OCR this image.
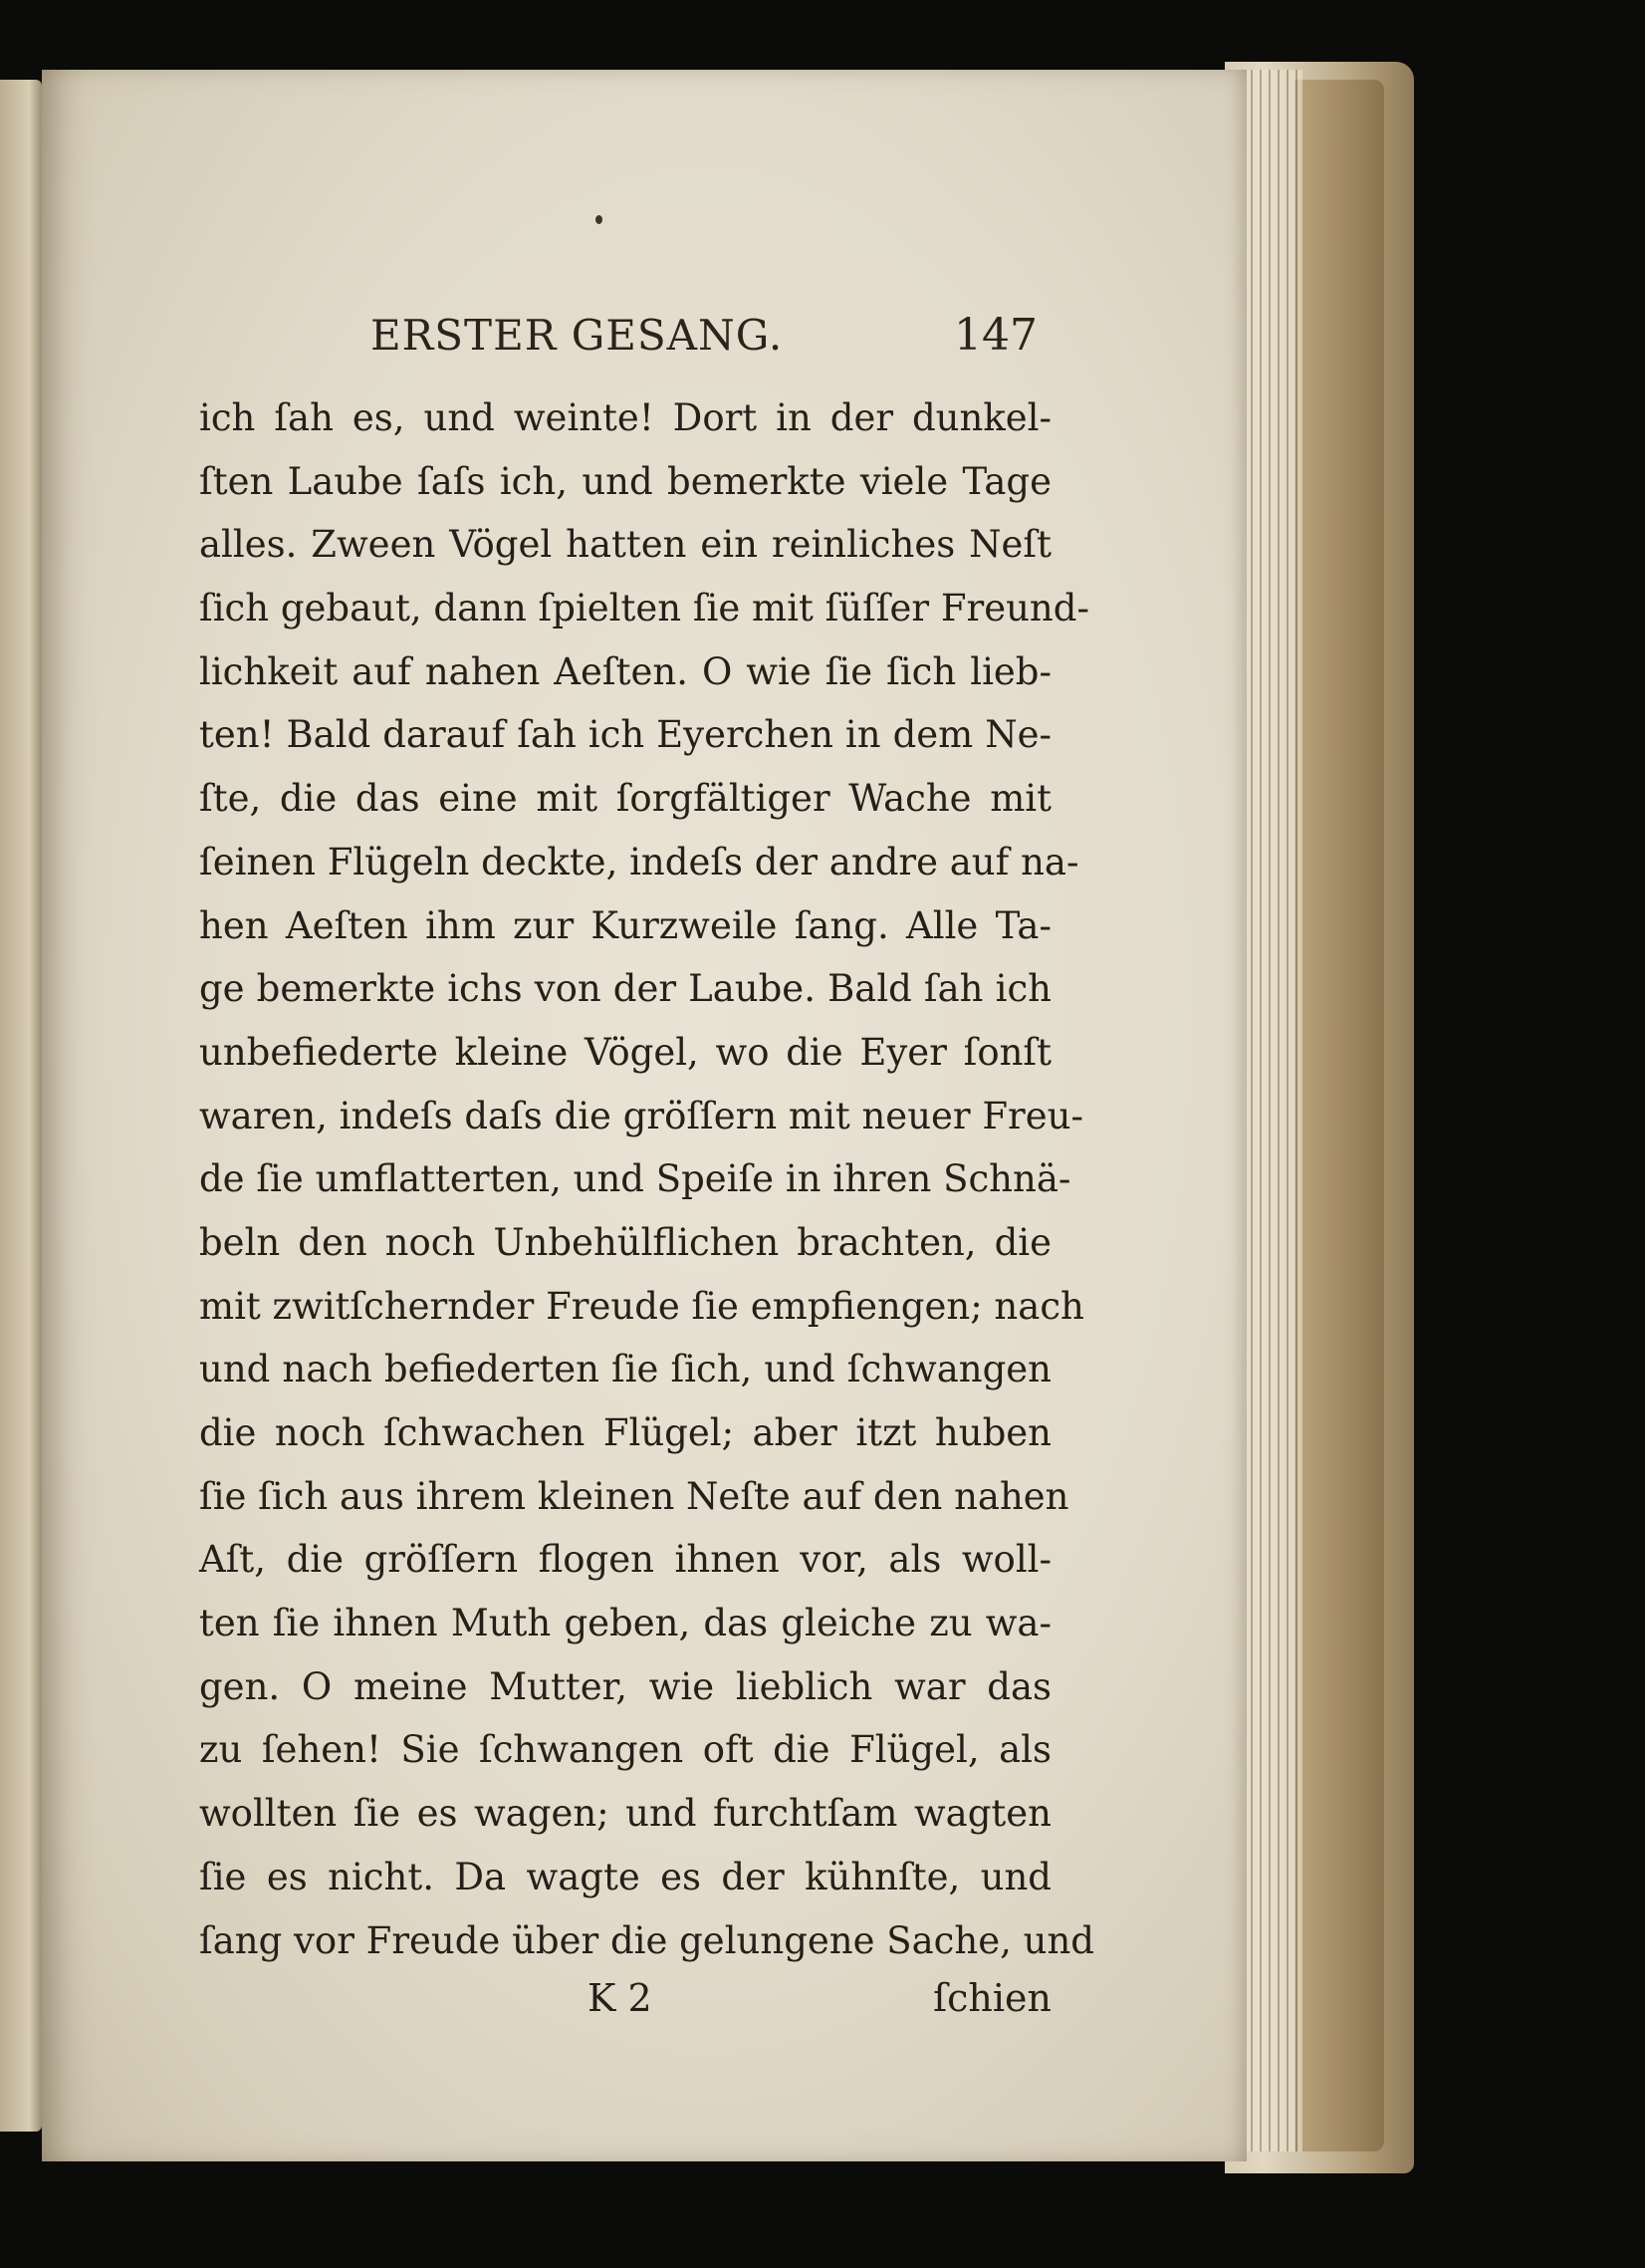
ERSTER GESANG.	147
ich ſah es, und weinte! Dort in der dunkel-
ſten Laube ſaſs ich, und bemerkte viele Tage
alles. Zween Vögel hatten ein reinliches Neſt
ſich gebaut, dann ſpielten ſie mit ſüſſer Freund-
lichkeit auf nahen Aeſten. O wie ſie ſich lieb-
ten! Bald darauf ſah ich Eyerchen in dem Ne-
ſte, die das eine mit ſorgfältiger Wache mit
ſeinen Flügeln deckte, indeſs der andre auf na-
hen Aeſten ihm zur Kurzweile ſang. Alle Ta-
ge bemerkte ichs von der Laube. Bald ſah ich
unbefiederte kleine Vögel, wo die Eyer ſonſt
waren, indeſs daſs die gröſſern mit neuer Freu-
de ſie umflatterten, und Speiſe in ihren Schnä-
beln den noch Unbehülflichen brachten, die
mit zwitſchernder Freude ſie empfiengen; nach
und nach befiederten ſie ſich, und ſchwangen
die noch ſchwachen Flügel; aber itzt huben
ſie ſich aus ihrem kleinen Neſte auf den nahen
Aſt, die gröſſern flogen ihnen vor, als woll-
ten ſie ihnen Muth geben, das gleiche zu wa-
gen. O meine Mutter, wie lieblich war das
zu ſehen! Sie ſchwangen oft die Flügel, als
wollten ſie es wagen; und furchtſam wagten
ſie es nicht. Da wagte es der kühnſte, und
ſang vor Freude über die gelungene Sache, und
K 2	ſchien
